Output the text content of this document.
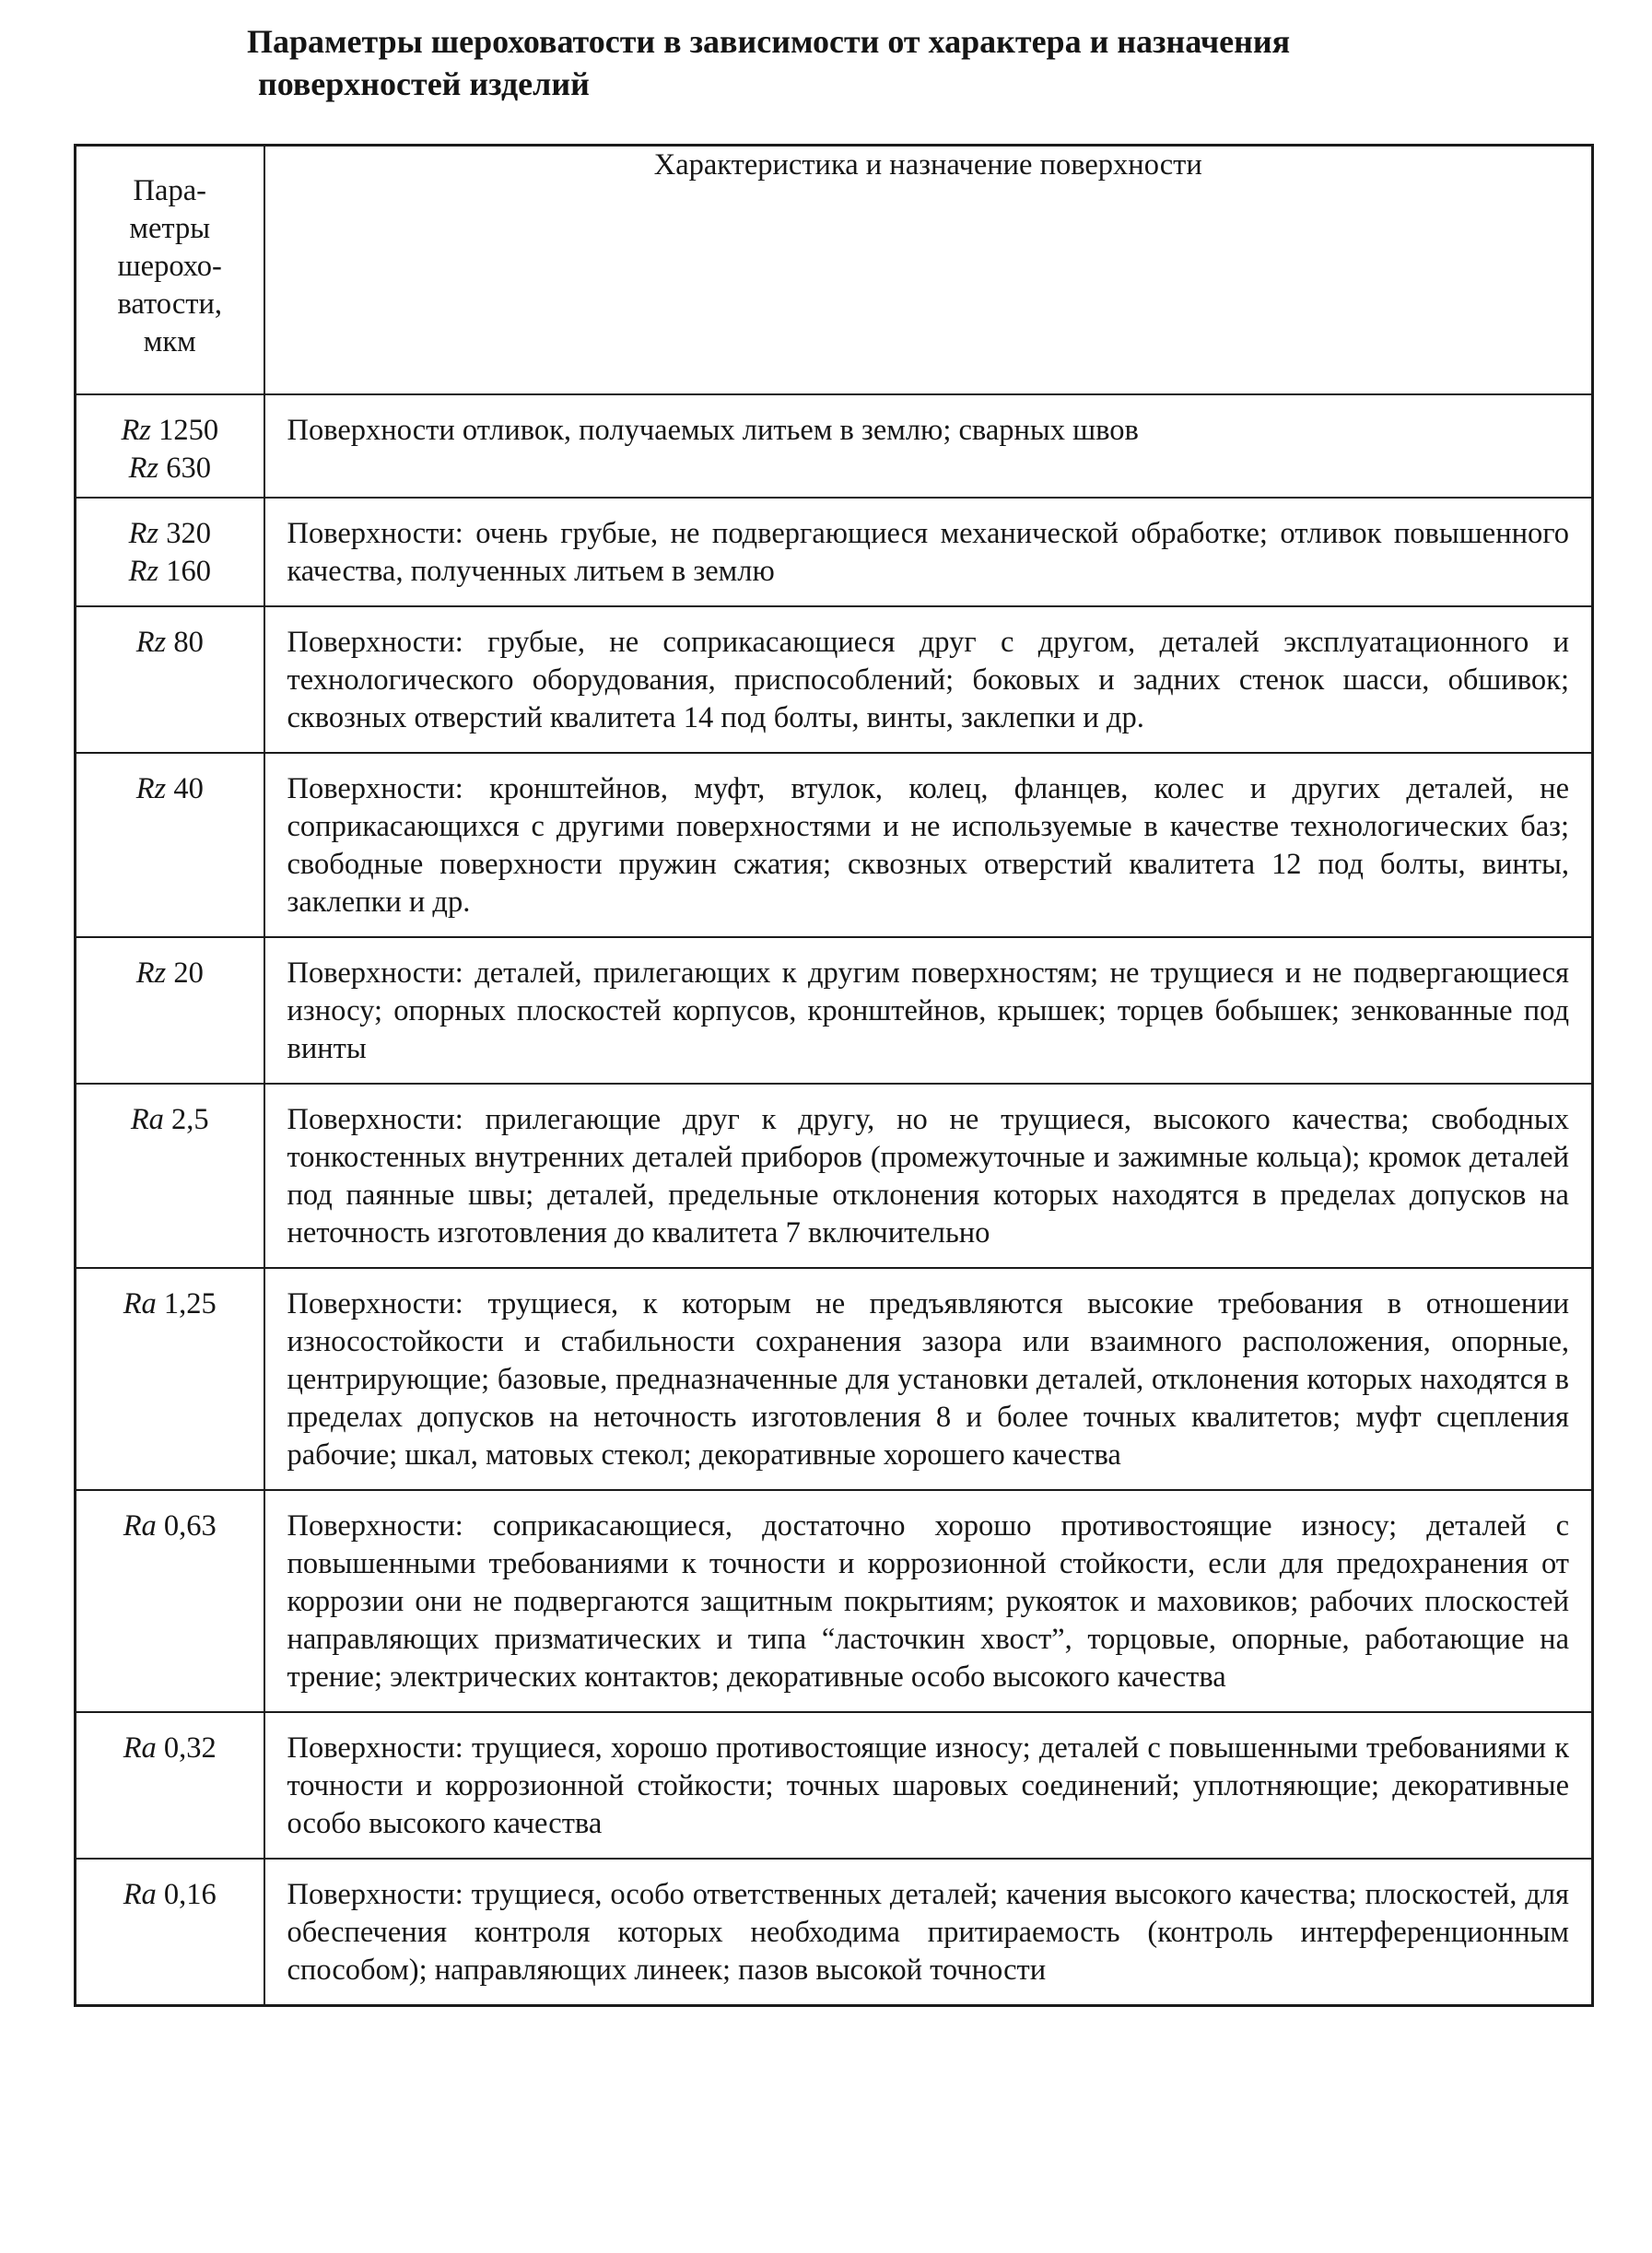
Параметры шероховатости в зависимости от характера и назначения
поверхностей изделий
Пара-
метры
шерохо-
ватости,
мкм	Характеристика и назначение поверхности

Rz 1250
Rz 630	Поверхности отливок, получаемых литьем в землю; сварных швов

Rz 320
Rz 160	Поверхности: очень грубые, не подвергающиеся механической обработке; отливок повышенного качества, полученных литьем в землю

Rz 80	Поверхности: грубые, не соприкасающиеся друг с другом, деталей эксплуатационного и технологического оборудования, приспособлений; боковых и задних стенок шасси, обшивок; сквозных отверстий квалитета 14 под болты, винты, заклепки и др.

Rz 40	Поверхности: кронштейнов, муфт, втулок, колец, фланцев, колес и других деталей, не соприкасающихся с другими поверхностями и не используемые в качестве технологических баз; свободные поверхности пружин сжатия; сквозных отверстий квалитета 12 под болты, винты, заклепки и др.

Rz 20	Поверхности: деталей, прилегающих к другим поверхностям; не трущиеся и не подвергающиеся износу; опорных плоскостей корпусов, кронштейнов, крышек; торцев бобышек; зенкованные под винты

Ra 2,5	Поверхности: прилегающие друг к другу, но не трущиеся, высокого качества; свободных тонкостенных внутренних деталей приборов (промежуточные и зажимные кольца); кромок деталей под паянные швы; деталей, предельные отклонения которых находятся в пределах допусков на неточность изготовления до квалитета 7 включительно

Ra 1,25	Поверхности: трущиеся, к которым не предъявляются высокие требования в отношении износостойкости и стабильности сохранения зазора или взаимного расположения, опорные, центрирующие; базовые, предназначенные для установки деталей, отклонения которых находятся в пределах допусков на неточность изготовления 8 и более точных квалитетов; муфт сцепления рабочие; шкал, матовых стекол; декоративные хорошего качества

Ra 0,63	Поверхности: соприкасающиеся, достаточно хорошо противостоящие износу; деталей с повышенными требованиями к точности и коррозионной стойкости, если для предохранения от коррозии они не подвергаются защитным покрытиям; рукояток и маховиков; рабочих плоскостей направляющих призматических и типа “ласточкин хвост”, торцовые, опорные, работающие на трение; электрических контактов; декоративные особо высокого качества

Ra 0,32	Поверхности: трущиеся, хорошо противостоящие износу; деталей с повышенными требованиями к точности и коррозионной стойкости; точных шаровых соединений; уплотняющие; декоративные особо высокого качества

Ra 0,16	Поверхности: трущиеся, особо ответственных деталей; качения высокого качества; плоскостей, для обеспечения контроля которых необходима притираемость (контроль интерференционным способом); направляющих линеек; пазов высокой точности
